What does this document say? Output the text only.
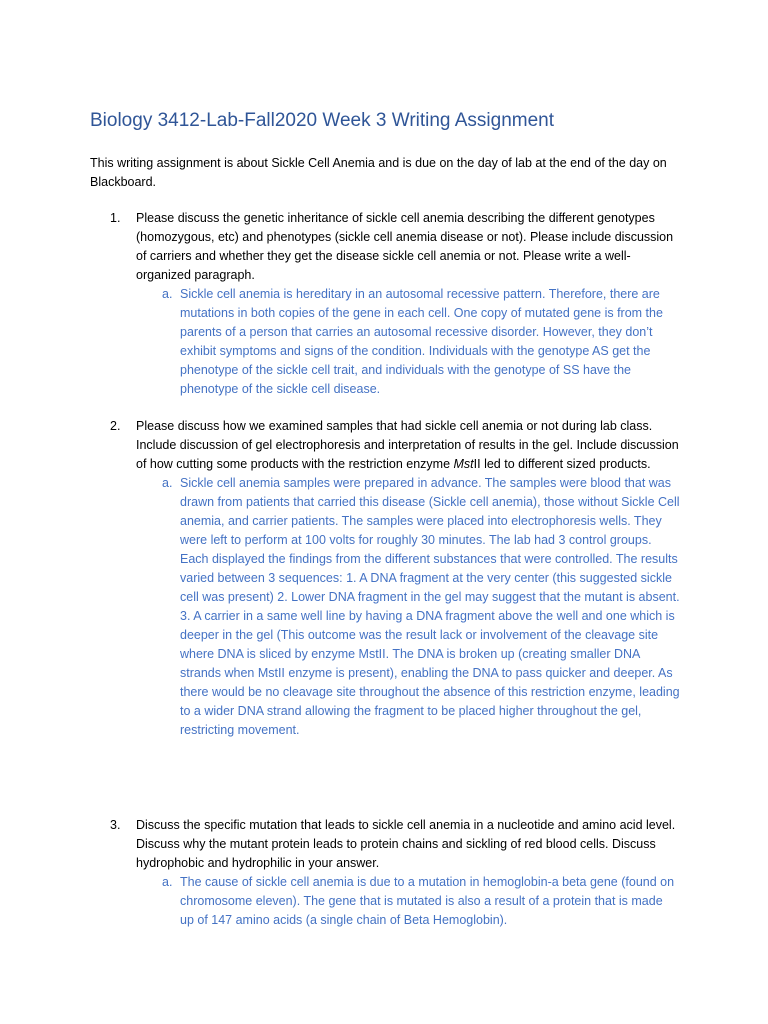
Biology 3412-Lab-Fall2020 Week 3 Writing Assignment
This writing assignment is about Sickle Cell Anemia and is due on the day of lab at the end of the day on Blackboard.
1.	Please discuss the genetic inheritance of sickle cell anemia describing the different genotypes (homozygous, etc) and phenotypes (sickle cell anemia disease or not). Please include discussion of carriers and whether they get the disease sickle cell anemia or not. Please write a well-organized paragraph.
a. Sickle cell anemia is hereditary in an autosomal recessive pattern. Therefore, there are mutations in both copies of the gene in each cell. One copy of mutated gene is from the parents of a person that carries an autosomal recessive disorder. However, they don’t exhibit symptoms and signs of the condition. Individuals with the genotype AS get the phenotype of the sickle cell trait, and individuals with the genotype of SS have the phenotype of the sickle cell disease.
2.	Please discuss how we examined samples that had sickle cell anemia or not during lab class. Include discussion of gel electrophoresis and interpretation of results in the gel. Include discussion of how cutting some products with the restriction enzyme MstII led to different sized products.
a. Sickle cell anemia samples were prepared in advance. The samples were blood that was drawn from patients that carried this disease (Sickle cell anemia), those without Sickle Cell anemia, and carrier patients. The samples were placed into electrophoresis wells. They were left to perform at 100 volts for roughly 30 minutes. The lab had 3 control groups. Each displayed the findings from the different substances that were controlled. The results varied between 3 sequences: 1. A DNA fragment at the very center (this suggested sickle cell was present) 2. Lower DNA fragment in the gel may suggest that the mutant is absent. 3. A carrier in a same well line by having a DNA fragment above the well and one which is deeper in the gel (This outcome was the result lack or involvement of the cleavage site where DNA is sliced by enzyme MstII. The DNA is broken up (creating smaller DNA strands when MstII enzyme is present), enabling the DNA to pass quicker and deeper. As there would be no cleavage site throughout the absence of this restriction enzyme, leading to a wider DNA strand allowing the fragment to be placed higher throughout the gel, restricting movement.
3.	Discuss the specific mutation that leads to sickle cell anemia in a nucleotide and amino acid level. Discuss why the mutant protein leads to protein chains and sickling of red blood cells. Discuss hydrophobic and hydrophilic in your answer.
a. The cause of sickle cell anemia is due to a mutation in hemoglobin-a beta gene (found on chromosome eleven). The gene that is mutated is also a result of a protein that is made up of 147 amino acids (a single chain of Beta Hemoglobin).
